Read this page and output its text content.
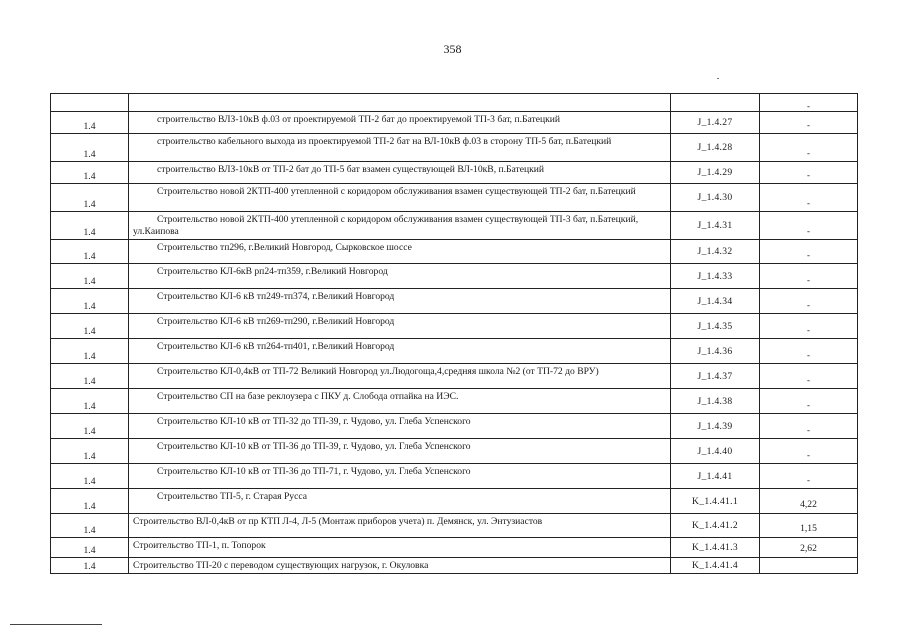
358
			-
1.4	строительство ВЛЗ-10кВ ф.03 от проектируемой ТП-2 бат до проектируемой ТП-3 бат, п.Батецкий	J_1.4.27	-
1.4	строительство кабельного выхода из проектируемой ТП-2 бат на ВЛ-10кВ ф.03 в сторону ТП-5 бат, п.Батецкий	J_1.4.28	-
1.4	строительство ВЛЗ-10кВ от ТП-2 бат до ТП-5 бат взамен существующей ВЛ-10кВ, п.Батецкий	J_1.4.29	-
1.4	Строительство новой 2КТП-400 утепленной с коридором обслуживания взамен существующей ТП-2 бат, п.Батецкий	J_1.4.30	-
1.4	Строительство новой 2КТП-400 утепленной с коридором обслуживания взамен существующей ТП-3 бат, п.Батецкий, ул.Каипова	J_1.4.31	-
1.4	Строительство тп296, г.Великий Новгород, Сырковское шоссе	J_1.4.32	-
1.4	Строительство КЛ-6кВ рп24-тп359, г.Великий Новгород	J_1.4.33	-
1.4	Строительство КЛ-6 кВ тп249-тп374, г.Великий Новгород	J_1.4.34	-
1.4	Строительство КЛ-6 кВ тп269-тп290, г.Великий Новгород	J_1.4.35	-
1.4	Строительство КЛ-6 кВ тп264-тп401, г.Великий Новгород	J_1.4.36	-
1.4	Строительство КЛ-0,4кВ от ТП-72 Великий Новгород ул.Людогоща,4,средняя школа №2 (от ТП-72 до ВРУ)	J_1.4.37	-
1.4	Строительство СП на базе реклоузера с ПКУ д. Слобода отпайка на ИЭС.	J_1.4.38	-
1.4	Строительство КЛ-10 кВ от ТП-32 до ТП-39, г. Чудово, ул. Глеба Успенского	J_1.4.39	-
1.4	Строительство КЛ-10 кВ от ТП-36 до ТП-39, г. Чудово, ул. Глеба Успенского	J_1.4.40	-
1.4	Строительство КЛ-10 кВ от ТП-36 до ТП-71, г. Чудово, ул. Глеба Успенского	J_1.4.41	-
1.4	Строительство ТП-5, г. Старая Русса	K_1.4.41.1	4,22
1.4	Строительство ВЛ-0,4кВ от пр КТП Л-4, Л-5 (Монтаж приборов учета) п. Демянск, ул. Энтузиастов	K_1.4.41.2	1,15
1.4	Строительство ТП-1, п. Топорок	K_1.4.41.3	2,62
1.4	Строительство ТП-20 с переводом существующих нагрузок, г. Окуловка	K_1.4.41.4	
